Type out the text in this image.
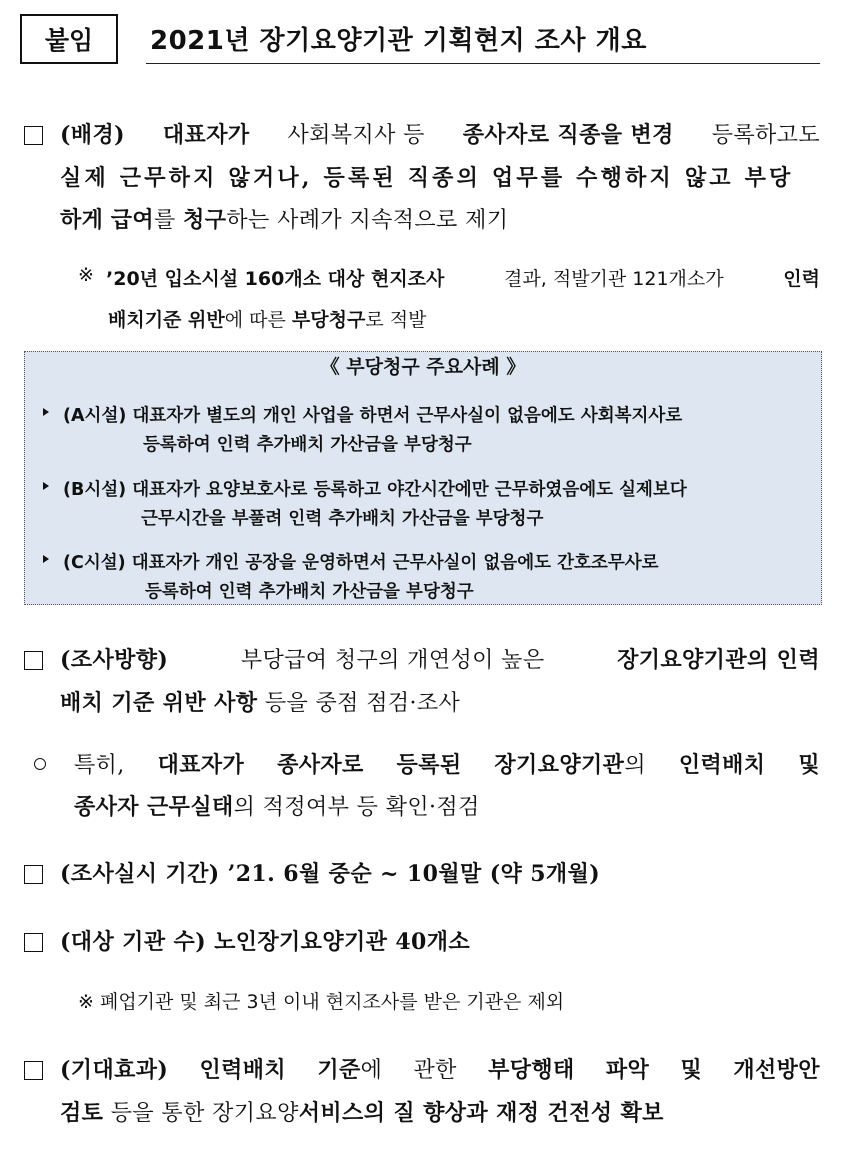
붙임 2021년 장기요양기관 기획현지 조사 개요
(배경) 대표자가 사회복지사 등 종사자로 직종을 변경 등록하고도
실제 근무하지 않거나, 등록된 직종의 업무를 수행하지 않고 부당
하게 급여를 청구하는 사례가 지속적으로 제기
※ ’20년 입소시설 160개소 대상 현지조사	결과, 적발기관 121개소가	인력
배치기준 위반에 따른 부당청구로 적발
《 부당청구 주요사례 》
(A시설) 대표자가 별도의 개인 사업을 하면서 근무사실이 없음에도 사회복지사로
등록하여 인력 추가배치 가산금을 부당청구
(B시설) 대표자가 요양보호사로 등록하고 야간시간에만 근무하였음에도 실제보다
근무시간을 부풀려 인력 추가배치 가산금을 부당청구
(C시설) 대표자가 개인 공장을 운영하면서 근무사실이 없음에도 간호조무사로
등록하여 인력 추가배치 가산금을 부당청구
(조사방향)	부당급여 청구의 개연성이 높은	장기요양기관의 인력
배치 기준 위반 사항 등을 중점 점검·조사
특히, 대표자가 종사자로 등록된 장기요양기관의 인력배치 및
종사자 근무실태의 적정여부 등 확인·점검
(조사실시 기간) ’21. 6월 중순 ~ 10월말 (약 5개월)
(대상 기관 수) 노인장기요양기관 40개소
※ 폐업기관 및 최근 3년 이내 현지조사를 받은 기관은 제외
(기대효과) 인력배치 기준에 관한 부당행태 파악 및 개선방안
검토 등을 통한 장기요양서비스의 질 향상과 재정 건전성 확보
